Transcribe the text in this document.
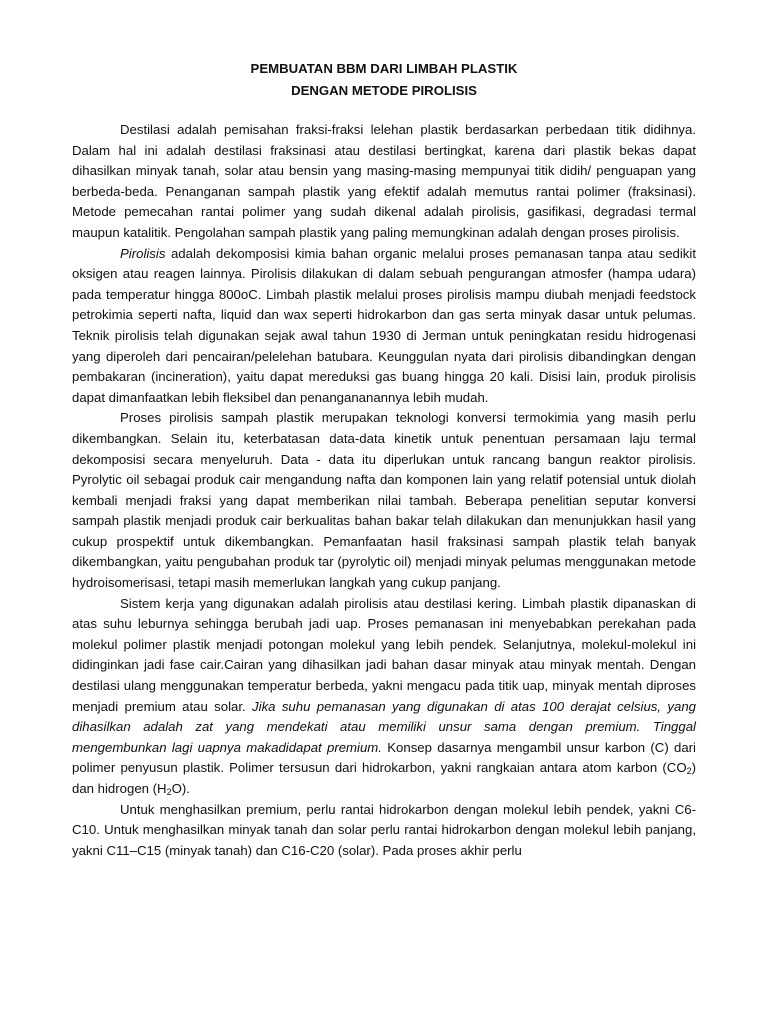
PEMBUATAN BBM DARI LIMBAH PLASTIK
DENGAN METODE PIROLISIS

Destilasi adalah pemisahan fraksi-fraksi lelehan plastik berdasarkan perbedaan titik didihnya. Dalam hal ini adalah destilasi fraksinasi atau destilasi bertingkat, karena dari plastik bekas dapat dihasilkan minyak tanah, solar atau bensin yang masing-masing mempunyai titik didih/ penguapan yang berbeda-beda. Penanganan sampah plastik yang efektif adalah memutus rantai polimer (fraksinasi). Metode pemecahan rantai polimer yang sudah dikenal adalah pirolisis, gasifikasi, degradasi termal maupun katalitik. Pengolahan sampah plastik yang paling memungkinan adalah dengan proses pirolisis.

Pirolisis adalah dekomposisi kimia bahan organic melalui proses pemanasan tanpa atau sedikit oksigen atau reagen lainnya. Pirolisis dilakukan di dalam sebuah pengurangan atmosfer (hampa udara) pada temperatur hingga 800oC. Limbah plastik melalui proses pirolisis mampu diubah menjadi feedstock petrokimia seperti nafta, liquid dan wax seperti hidrokarbon dan gas serta minyak dasar untuk pelumas. Teknik pirolisis telah digunakan sejak awal tahun 1930 di Jerman untuk peningkatan residu hidrogenasi yang diperoleh dari pencairan/pelelehan batubara. Keunggulan nyata dari pirolisis dibandingkan dengan pembakaran (incineration), yaitu dapat mereduksi gas buang hingga 20 kali. Disisi lain, produk pirolisis dapat dimanfaatkan lebih fleksibel dan penangananannya lebih mudah.

Proses pirolisis sampah plastik merupakan teknologi konversi termokimia yang masih perlu dikembangkan. Selain itu, keterbatasan data-data kinetik untuk penentuan persamaan laju termal dekomposisi secara menyeluruh. Data - data itu diperlukan untuk rancang bangun reaktor pirolisis. Pyrolytic oil sebagai produk cair mengandung nafta dan komponen lain yang relatif potensial untuk diolah kembali menjadi fraksi yang dapat memberikan nilai tambah. Beberapa penelitian seputar konversi sampah plastik menjadi produk cair berkualitas bahan bakar telah dilakukan dan menunjukkan hasil yang cukup prospektif untuk dikembangkan. Pemanfaatan hasil fraksinasi sampah plastik telah banyak dikembangkan, yaitu pengubahan produk tar (pyrolytic oil) menjadi minyak pelumas menggunakan metode hydroisomerisasi, tetapi masih memerlukan langkah yang cukup panjang.

Sistem kerja yang digunakan adalah pirolisis atau destilasi kering. Limbah plastik dipanaskan di atas suhu leburnya sehingga berubah jadi uap. Proses pemanasan ini menyebabkan perekahan pada molekul polimer plastik menjadi potongan molekul yang lebih pendek. Selanjutnya, molekul-molekul ini didinginkan jadi fase cair.Cairan yang dihasilkan jadi bahan dasar minyak atau minyak mentah. Dengan destilasi ulang menggunakan temperatur berbeda, yakni mengacu pada titik uap, minyak mentah diproses menjadi premium atau solar. Jika suhu pemanasan yang digunakan di atas 100 derajat celsius, yang dihasilkan adalah zat yang mendekati atau memiliki unsur sama dengan premium. Tinggal mengembunkan lagi uapnya makadidapat premium. Konsep dasarnya mengambil unsur karbon (C) dari polimer penyusun plastik. Polimer tersusun dari hidrokarbon, yakni rangkaian antara atom karbon $(CO_2)$ dan hidrogen $(H_2O)$.

Untuk menghasilkan premium, perlu rantai hidrokarbon dengan molekul lebih pendek, yakni C6-C10. Untuk menghasilkan minyak tanah dan solar perlu rantai hidrokarbon dengan molekul lebih panjang, yakni C11–C15 (minyak tanah) dan C16-C20 (solar). Pada proses akhir perlu
